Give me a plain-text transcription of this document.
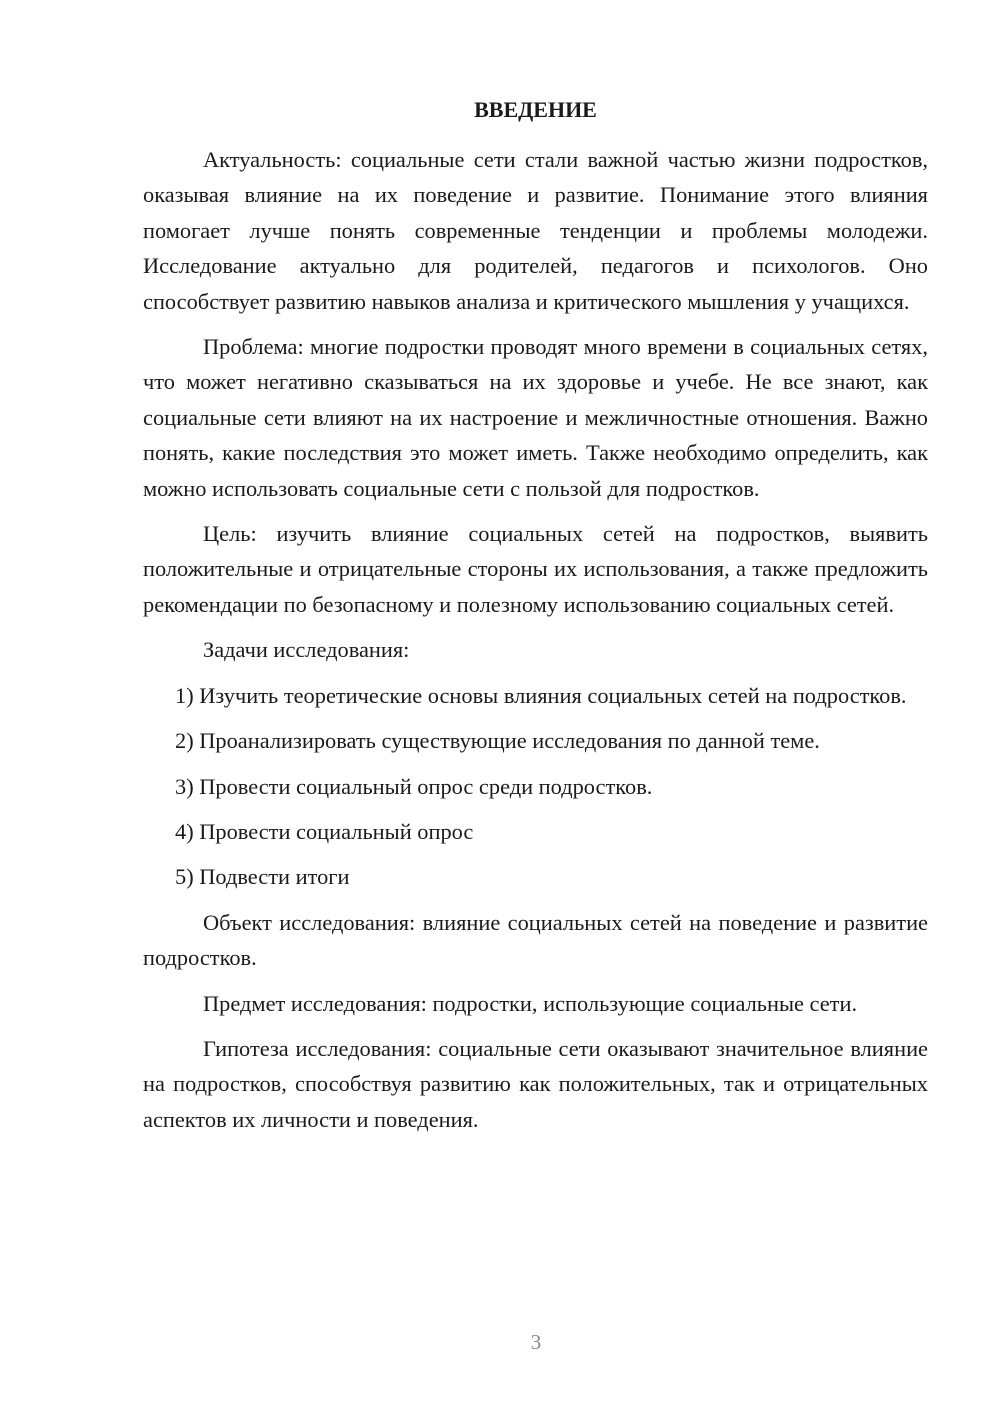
ВВЕДЕНИЕ

Актуальность: социальные сети стали важной частью жизни подростков, оказывая влияние на их поведение и развитие. Понимание этого влияния помогает лучше понять современные тенденции и проблемы молодежи. Исследование актуально для родителей, педагогов и психологов. Оно способствует развитию навыков анализа и критического мышления у учащихся.

Проблема: многие подростки проводят много времени в социальных сетях, что может негативно сказываться на их здоровье и учебе. Не все знают, как социальные сети влияют на их настроение и межличностные отношения. Важно понять, какие последствия это может иметь. Также необходимо определить, как можно использовать социальные сети с пользой для подростков.

Цель: изучить влияние социальных сетей на подростков, выявить положительные и отрицательные стороны их использования, а также предложить рекомендации по безопасному и полезному использованию социальных сетей.

Задачи исследования:

1) Изучить теоретические основы влияния социальных сетей на подростков.

2) Проанализировать существующие исследования по данной теме.

3) Провести социальный опрос среди подростков.

4) Провести социальный опрос

5) Подвести итоги

Объект исследования: влияние социальных сетей на поведение и развитие подростков.

Предмет исследования: подростки, использующие социальные сети.

Гипотеза исследования: социальные сети оказывают значительное влияние на подростков, способствуя развитию как положительных, так и отрицательных аспектов их личности и поведения.

3
